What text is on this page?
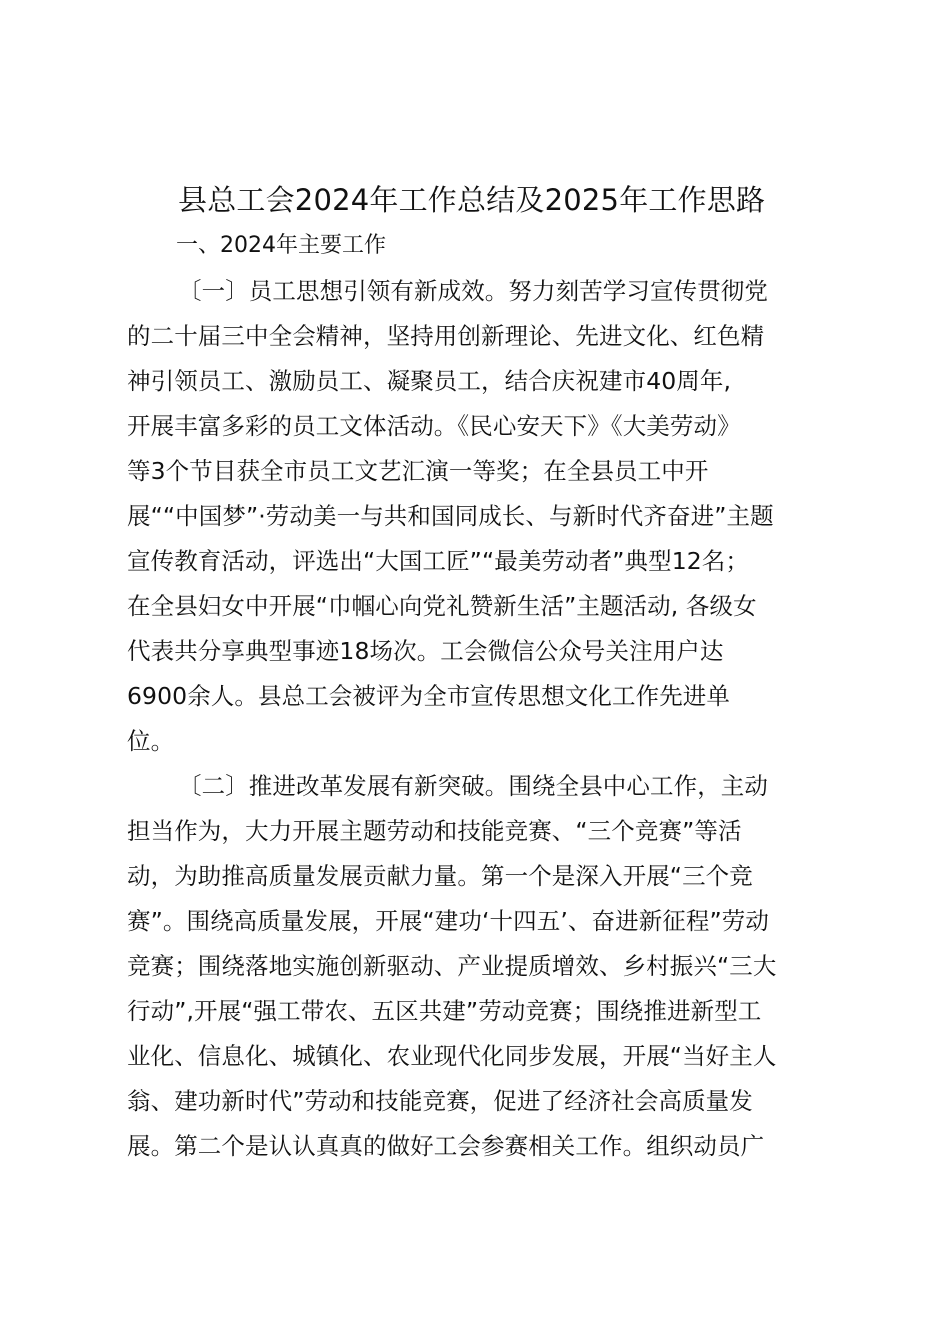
县总工会2024年工作总结及2025年工作思路
一、2024年主要工作

〔一〕员工思想引领有新成效。努力刻苦学习宣传贯彻党

的二十届三中全会精神，坚持用创新理论、先进文化、红色精

神引领员工、激励员工、凝聚员工，结合庆祝建市40周年,

开展丰富多彩的员工文体活动。《民心安天下》《大美劳动》

等3个节目获全市员工文艺汇演一等奖；在全县员工中开

展““中国梦”·劳动美一与共和国同成长、与新时代齐奋进”主题

宣传教育活动，评选出“大国工匠”“最美劳动者”典型12名；

在全县妇女中开展“巾帼心向党礼赞新生活”主题活动, 各级女

代表共分享典型事迹18场次。工会微信公众号关注用户达

6900余人。县总工会被评为全市宣传思想文化工作先进单

位。

〔二〕推进改革发展有新突破。围绕全县中心工作，主动

担当作为，大力开展主题劳动和技能竞赛、“三个竞赛”等活

动，为助推高质量发展贡献力量。第一个是深入开展“三个竞

赛”。围绕高质量发展，开展“建功‘十四五’、奋进新征程”劳动

竞赛；围绕落地实施创新驱动、产业提质增效、乡村振兴“三大

行动”,开展“强工带农、五区共建”劳动竞赛；围绕推进新型工

业化、信息化、城镇化、农业现代化同步发展，开展“当好主人

翁、建功新时代”劳动和技能竞赛，促进了经济社会高质量发

展。第二个是认认真真的做好工会参赛相关工作。组织动员广
